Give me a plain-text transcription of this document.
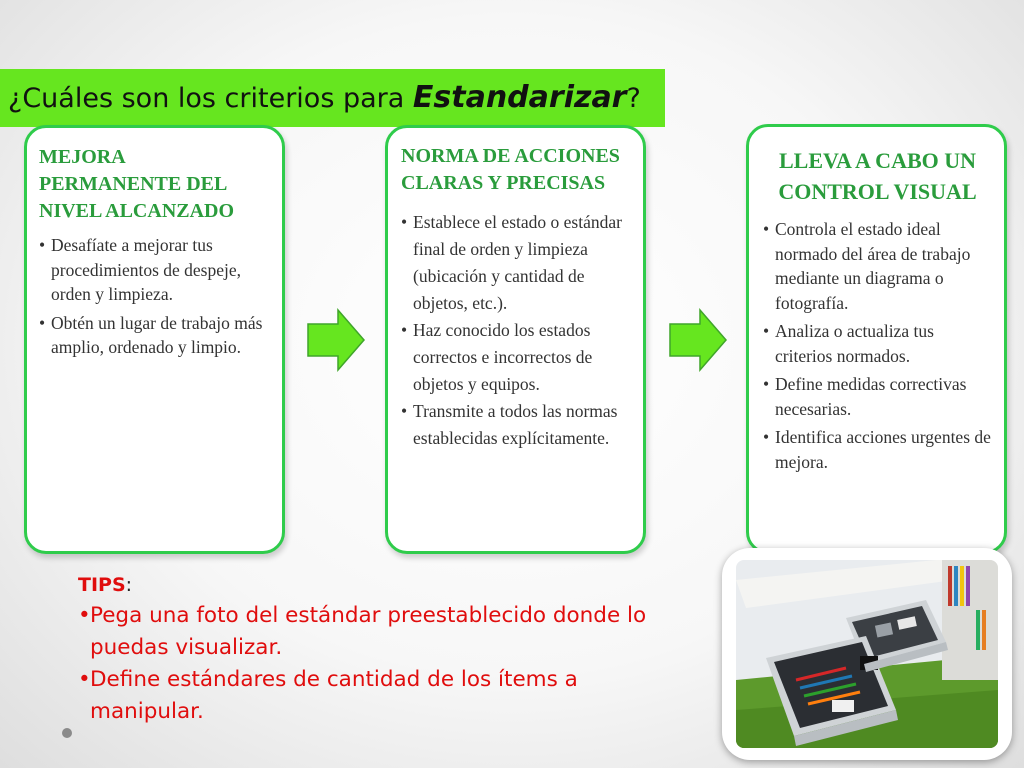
¿Cuáles son los criterios para Estandarizar?
MEJORA PERMANENTE DEL NIVEL ALCANZADO
• Desafíate a mejorar tus procedimientos de despeje, orden y limpieza.
• Obtén un lugar de trabajo más amplio, ordenado y limpio.
NORMA DE ACCIONES CLARAS Y PRECISAS
• Establece el estado o estándar final de orden y limpieza (ubicación y cantidad de objetos, etc.).
• Haz conocido los estados correctos e incorrectos de objetos y equipos.
• Transmite a todos las normas establecidas explícitamente.
LLEVA A CABO UN CONTROL VISUAL
• Controla el estado ideal normado del área de trabajo mediante un diagrama o fotografía.
• Analiza o actualiza tus criterios normados.
• Define medidas correctivas necesarias.
• Identifica acciones urgentes de mejora.
TIPS:
• Pega una foto del estándar preestablecido donde lo puedas visualizar.
• Define estándares de cantidad de los ítems a manipular.
